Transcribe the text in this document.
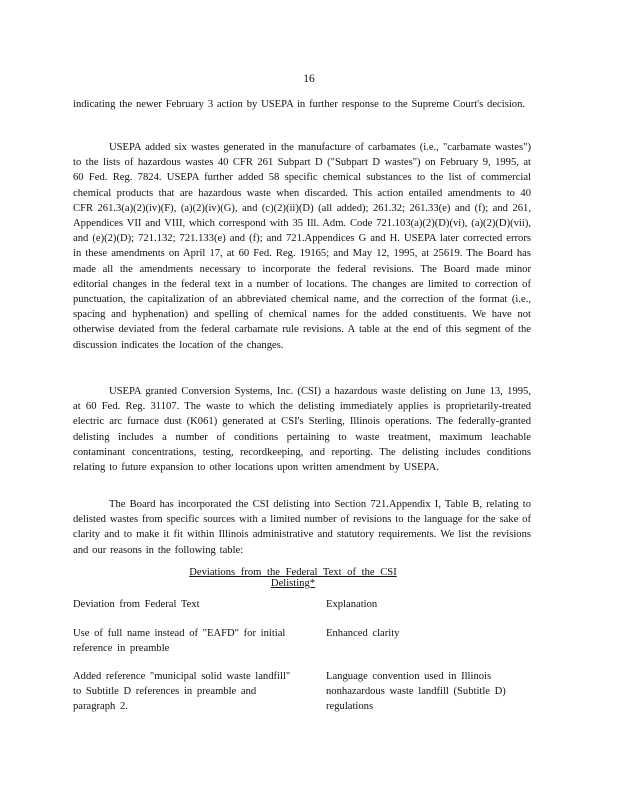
16

indicating the newer February 3 action by USEPA in further response to the Supreme Court's decision.

USEPA added six wastes generated in the manufacture of carbamates (i.e., "carbamate wastes") to the lists of hazardous wastes 40 CFR 261 Subpart D ("Subpart D wastes") on February 9, 1995, at 60 Fed. Reg. 7824. USEPA further added 58 specific chemical substances to the list of commercial chemical products that are hazardous waste when discarded. This action entailed amendments to 40 CFR 261.3(a)(2)(iv)(F), (a)(2)(iv)(G), and (c)(2)(ii)(D) (all added); 261.32; 261.33(e) and (f); and 261, Appendices VII and VIII, which correspond with 35 Ill. Adm. Code 721.103(a)(2)(D)(vi), (a)(2)(D)(vii), and (e)(2)(D); 721.132; 721.133(e) and (f); and 721.Appendices G and H. USEPA later corrected errors in these amendments on April 17, at 60 Fed. Reg. 19165; and May 12, 1995, at 25619. The Board has made all the amendments necessary to incorporate the federal revisions. The Board made minor editorial changes in the federal text in a number of locations. The changes are limited to correction of punctuation, the capitalization of an abbreviated chemical name, and the correction of the format (i.e., spacing and hyphenation) and spelling of chemical names for the added constituents. We have not otherwise deviated from the federal carbamate rule revisions. A table at the end of this segment of the discussion indicates the location of the changes.

USEPA granted Conversion Systems, Inc. (CSI) a hazardous waste delisting on June 13, 1995, at 60 Fed. Reg. 31107. The waste to which the delisting immediately applies is proprietarily-treated electric arc furnace dust (K061) generated at CSI's Sterling, Illinois operations. The federally-granted delisting includes a number of conditions pertaining to waste treatment, maximum leachable contaminant concentrations, testing, recordkeeping, and reporting. The delisting includes conditions relating to future expansion to other locations upon written amendment by USEPA.

The Board has incorporated the CSI delisting into Section 721.Appendix I, Table B, relating to delisted wastes from specific sources with a limited number of revisions to the language for the sake of clarity and to make it fit within Illinois administrative and statutory requirements. We list the revisions and our reasons in the following table:

Deviations from the Federal Text of the CSI Delisting*
Deviation from Federal Text	Explanation
Use of full name instead of "EAFD" for initial reference in preamble
Enhanced clarity
Added reference "municipal solid waste landfill" to Subtitle D references in preamble and paragraph 2.
Language convention used in Illinois nonhazardous waste landfill (Subtitle D) regulations
